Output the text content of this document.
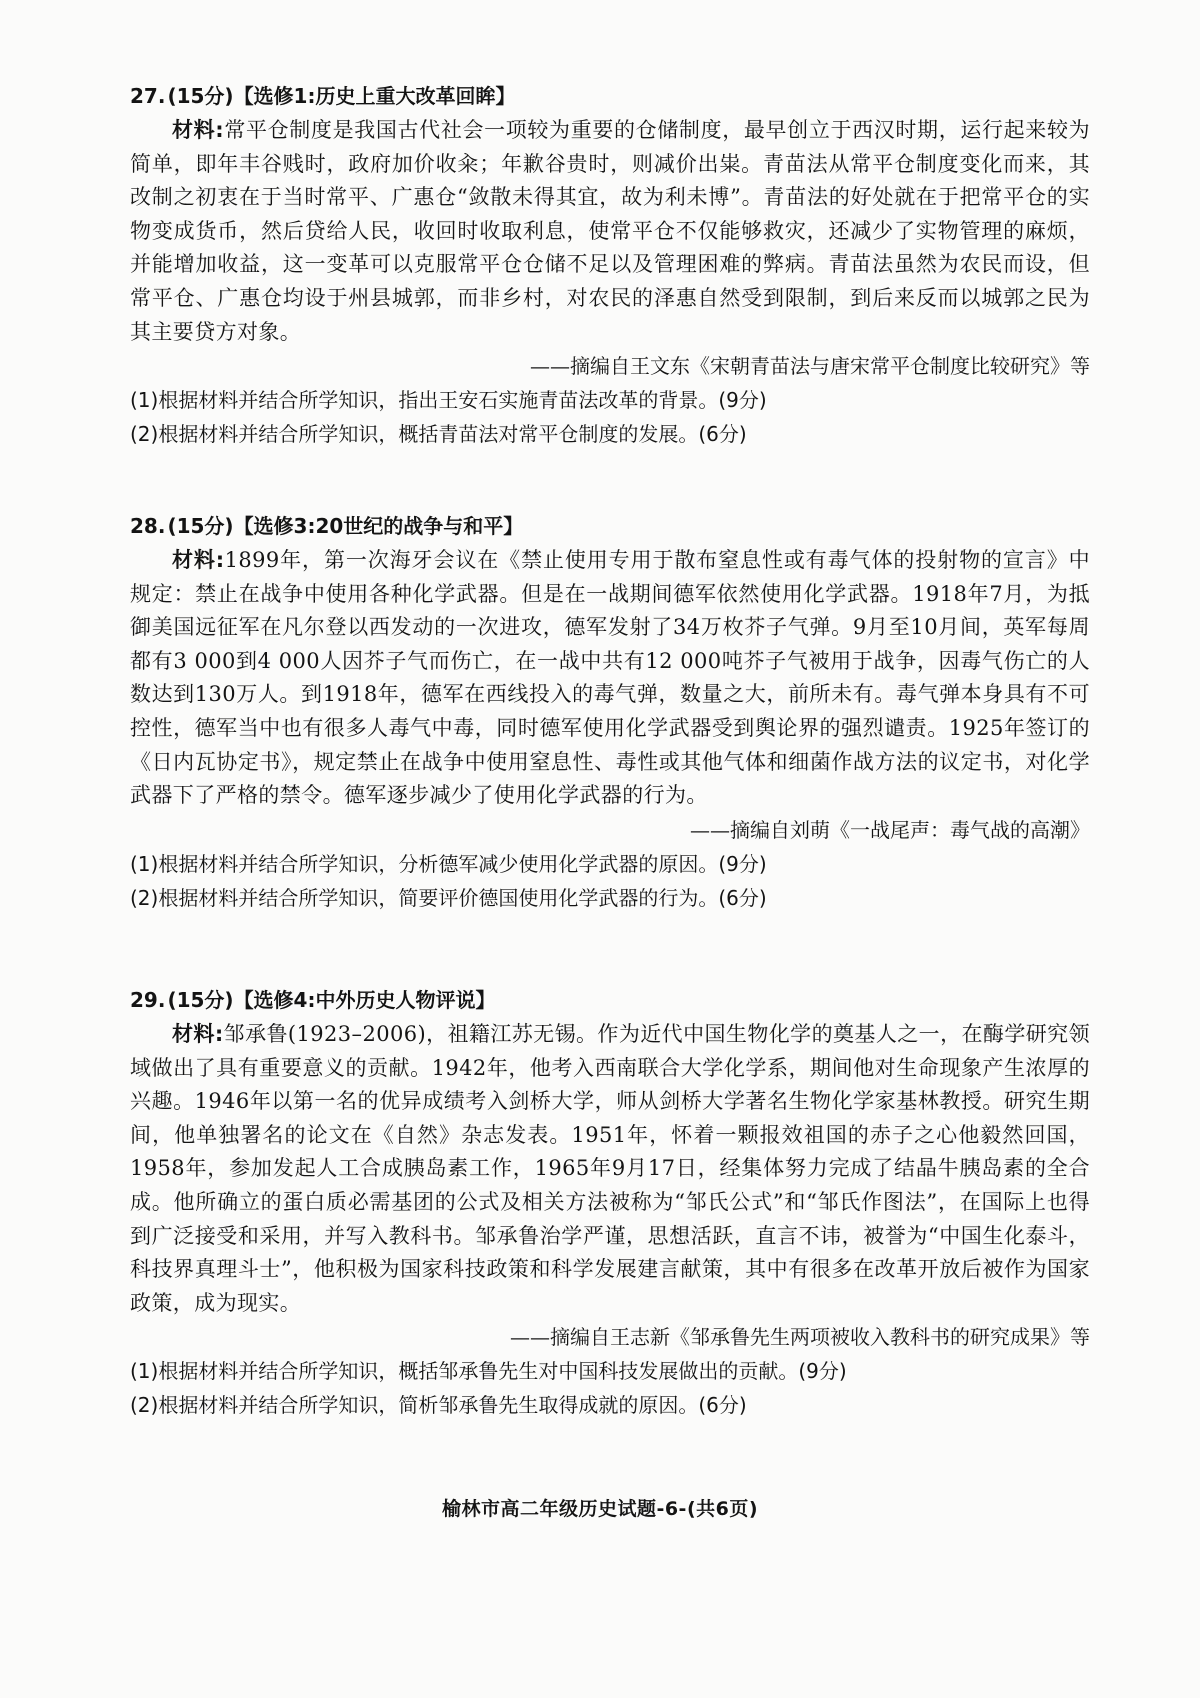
27. (15分)【选修1:历史上重大改革回眸】

材料:常平仓制度是我国古代社会一项较为重要的仓储制度，最早创立于西汉时期，运行起来较为简单，即年丰谷贱时，政府加价收籴；年歉谷贵时，则减价出粜。青苗法从常平仓制度变化而来，其改制之初衷在于当时常平、广惠仓“敛散未得其宜，故为利未博”。青苗法的好处就在于把常平仓的实物变成货币，然后贷给人民，收回时收取利息，使常平仓不仅能够救灾，还减少了实物管理的麻烦，并能增加收益，这一变革可以克服常平仓仓储不足以及管理困难的弊病。青苗法虽然为农民而设，但常平仓、广惠仓均设于州县城郭，而非乡村，对农民的泽惠自然受到限制，到后来反而以城郭之民为其主要贷方对象。

——摘编自王文东《宋朝青苗法与唐宋常平仓制度比较研究》等
(1)根据材料并结合所学知识，指出王安石实施青苗法改革的背景。(9分)
(2)根据材料并结合所学知识，概括青苗法对常平仓制度的发展。(6分)
28. (15分)【选修3:20世纪的战争与和平】

材料:1899年，第一次海牙会议在《禁止使用专用于散布窒息性或有毒气体的投射物的宣言》中规定：禁止在战争中使用各种化学武器。但是在一战期间德军依然使用化学武器。1918年7月，为抵御美国远征军在凡尔登以西发动的一次进攻，德军发射了34万枚芥子气弹。9月至10月间，英军每周都有3 000到4 000人因芥子气而伤亡，在一战中共有12 000吨芥子气被用于战争，因毒气伤亡的人数达到130万人。到1918年，德军在西线投入的毒气弹，数量之大，前所未有。毒气弹本身具有不可控性，德军当中也有很多人毒气中毒，同时德军使用化学武器受到舆论界的强烈谴责。1925年签订的《日内瓦协定书》，规定禁止在战争中使用窒息性、毒性或其他气体和细菌作战方法的议定书，对化学武器下了严格的禁令。德军逐步减少了使用化学武器的行为。

——摘编自刘萌《一战尾声：毒气战的高潮》
(1)根据材料并结合所学知识，分析德军减少使用化学武器的原因。(9分)
(2)根据材料并结合所学知识，简要评价德国使用化学武器的行为。(6分)
29. (15分)【选修4:中外历史人物评说】

材料:邹承鲁(1923–2006)，祖籍江苏无锡。作为近代中国生物化学的奠基人之一，在酶学研究领域做出了具有重要意义的贡献。1942年，他考入西南联合大学化学系，期间他对生命现象产生浓厚的兴趣。1946年以第一名的优异成绩考入剑桥大学，师从剑桥大学著名生物化学家基林教授。研究生期间，他单独署名的论文在《自然》杂志发表。1951年，怀着一颗报效祖国的赤子之心他毅然回国，1958年，参加发起人工合成胰岛素工作，1965年9月17日，经集体努力完成了结晶牛胰岛素的全合成。他所确立的蛋白质必需基团的公式及相关方法被称为“邹氏公式”和“邹氏作图法”，在国际上也得到广泛接受和采用，并写入教科书。邹承鲁治学严谨，思想活跃，直言不讳，被誉为“中国生化泰斗，科技界真理斗士”，他积极为国家科技政策和科学发展建言献策，其中有很多在改革开放后被作为国家政策，成为现实。

——摘编自王志新《邹承鲁先生两项被收入教科书的研究成果》等
(1)根据材料并结合所学知识，概括邹承鲁先生对中国科技发展做出的贡献。(9分)
(2)根据材料并结合所学知识，简析邹承鲁先生取得成就的原因。(6分)
榆林市高二年级历史试题-6-(共6页)
